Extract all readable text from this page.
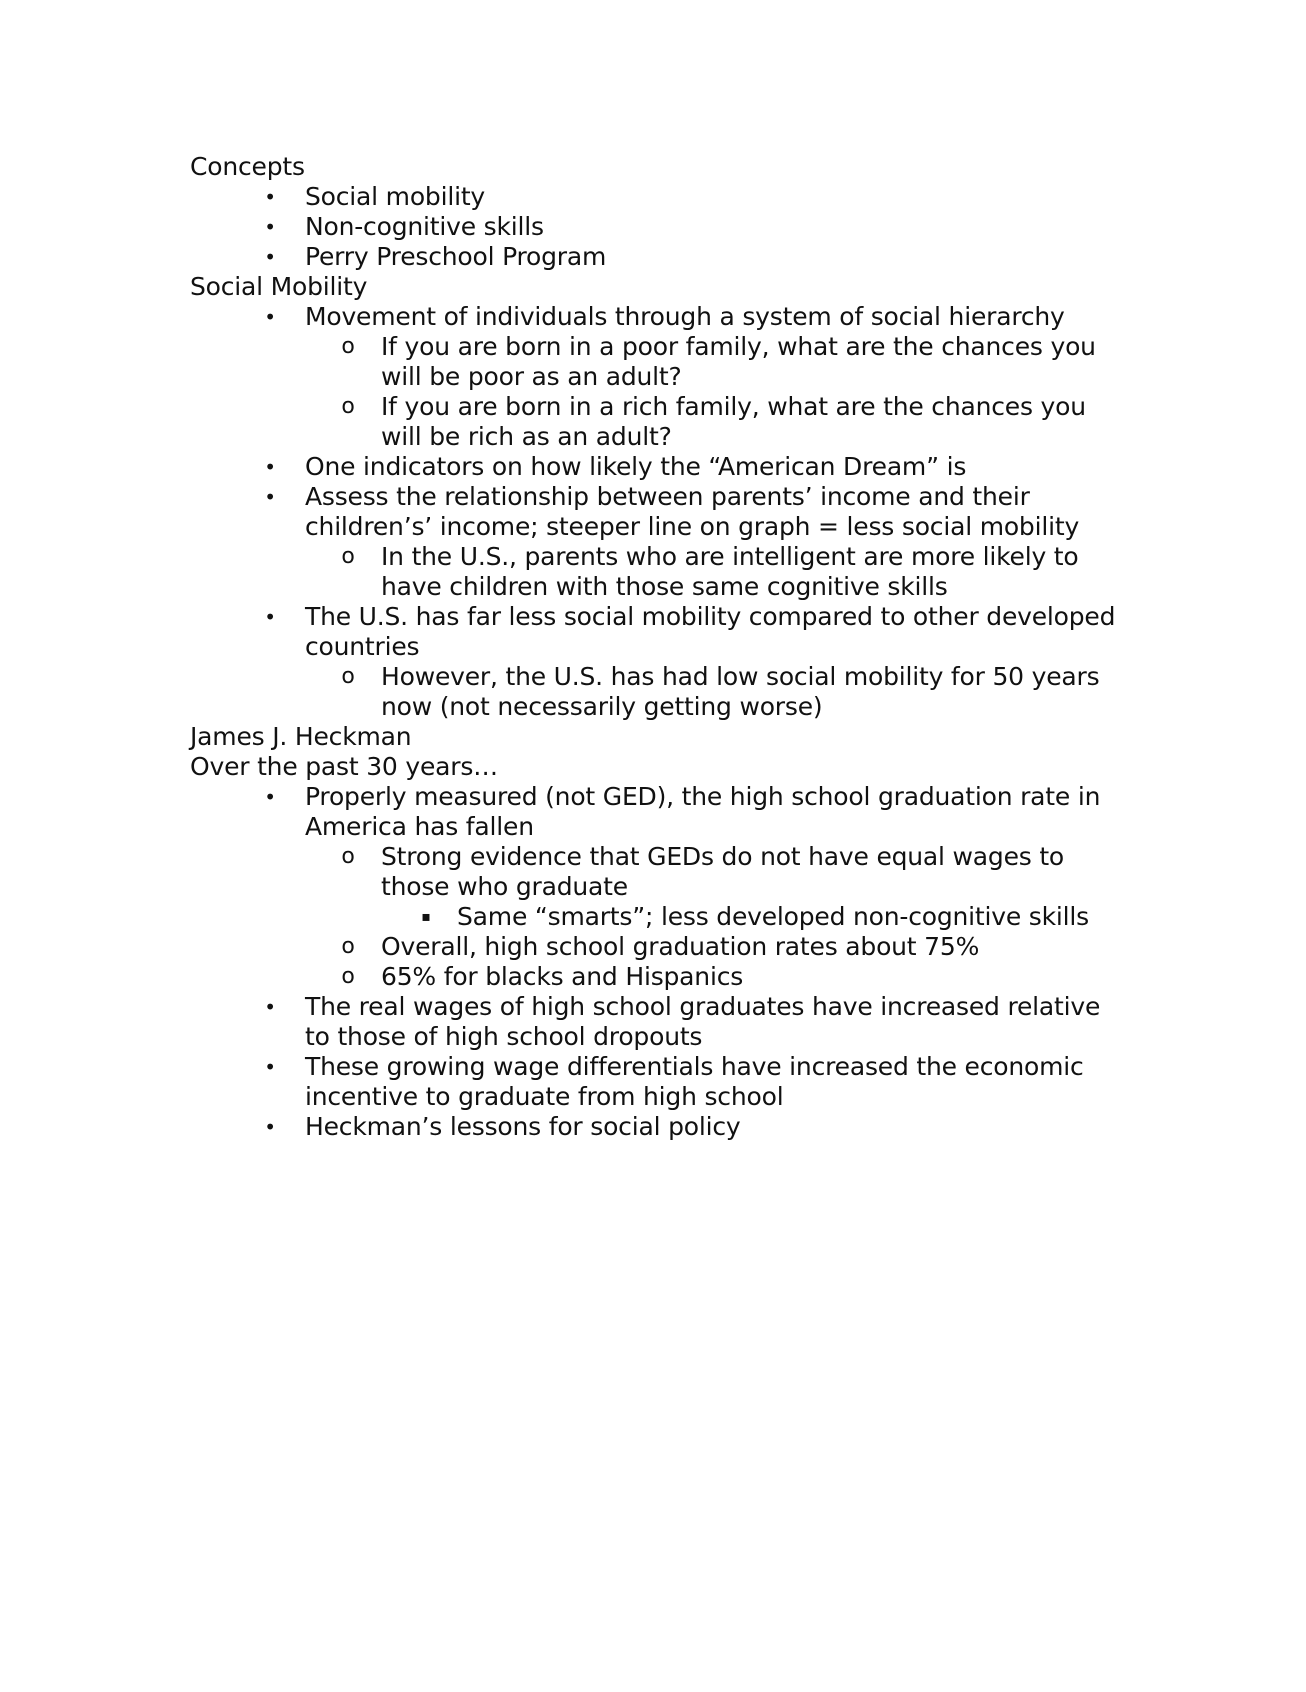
Concepts
• Social mobility
• Non-cognitive skills
• Perry Preschool Program
Social Mobility
• Movement of individuals through a system of social hierarchy
o If you are born in a poor family, what are the chances you will be poor as an adult?
o If you are born in a rich family, what are the chances you will be rich as an adult?
• One indicators on how likely the “American Dream” is
• Assess the relationship between parents’ income and their children’s’ income; steeper line on graph = less social mobility
o In the U.S., parents who are intelligent are more likely to have children with those same cognitive skills
• The U.S. has far less social mobility compared to other developed countries
o However, the U.S. has had low social mobility for 50 years now (not necessarily getting worse)
James J. Heckman
Over the past 30 years…
• Properly measured (not GED), the high school graduation rate in America has fallen
o Strong evidence that GEDs do not have equal wages to those who graduate
▪ Same “smarts”; less developed non-cognitive skills
o Overall, high school graduation rates about 75%
o 65% for blacks and Hispanics
• The real wages of high school graduates have increased relative to those of high school dropouts
• These growing wage differentials have increased the economic incentive to graduate from high school
• Heckman’s lessons for social policy
